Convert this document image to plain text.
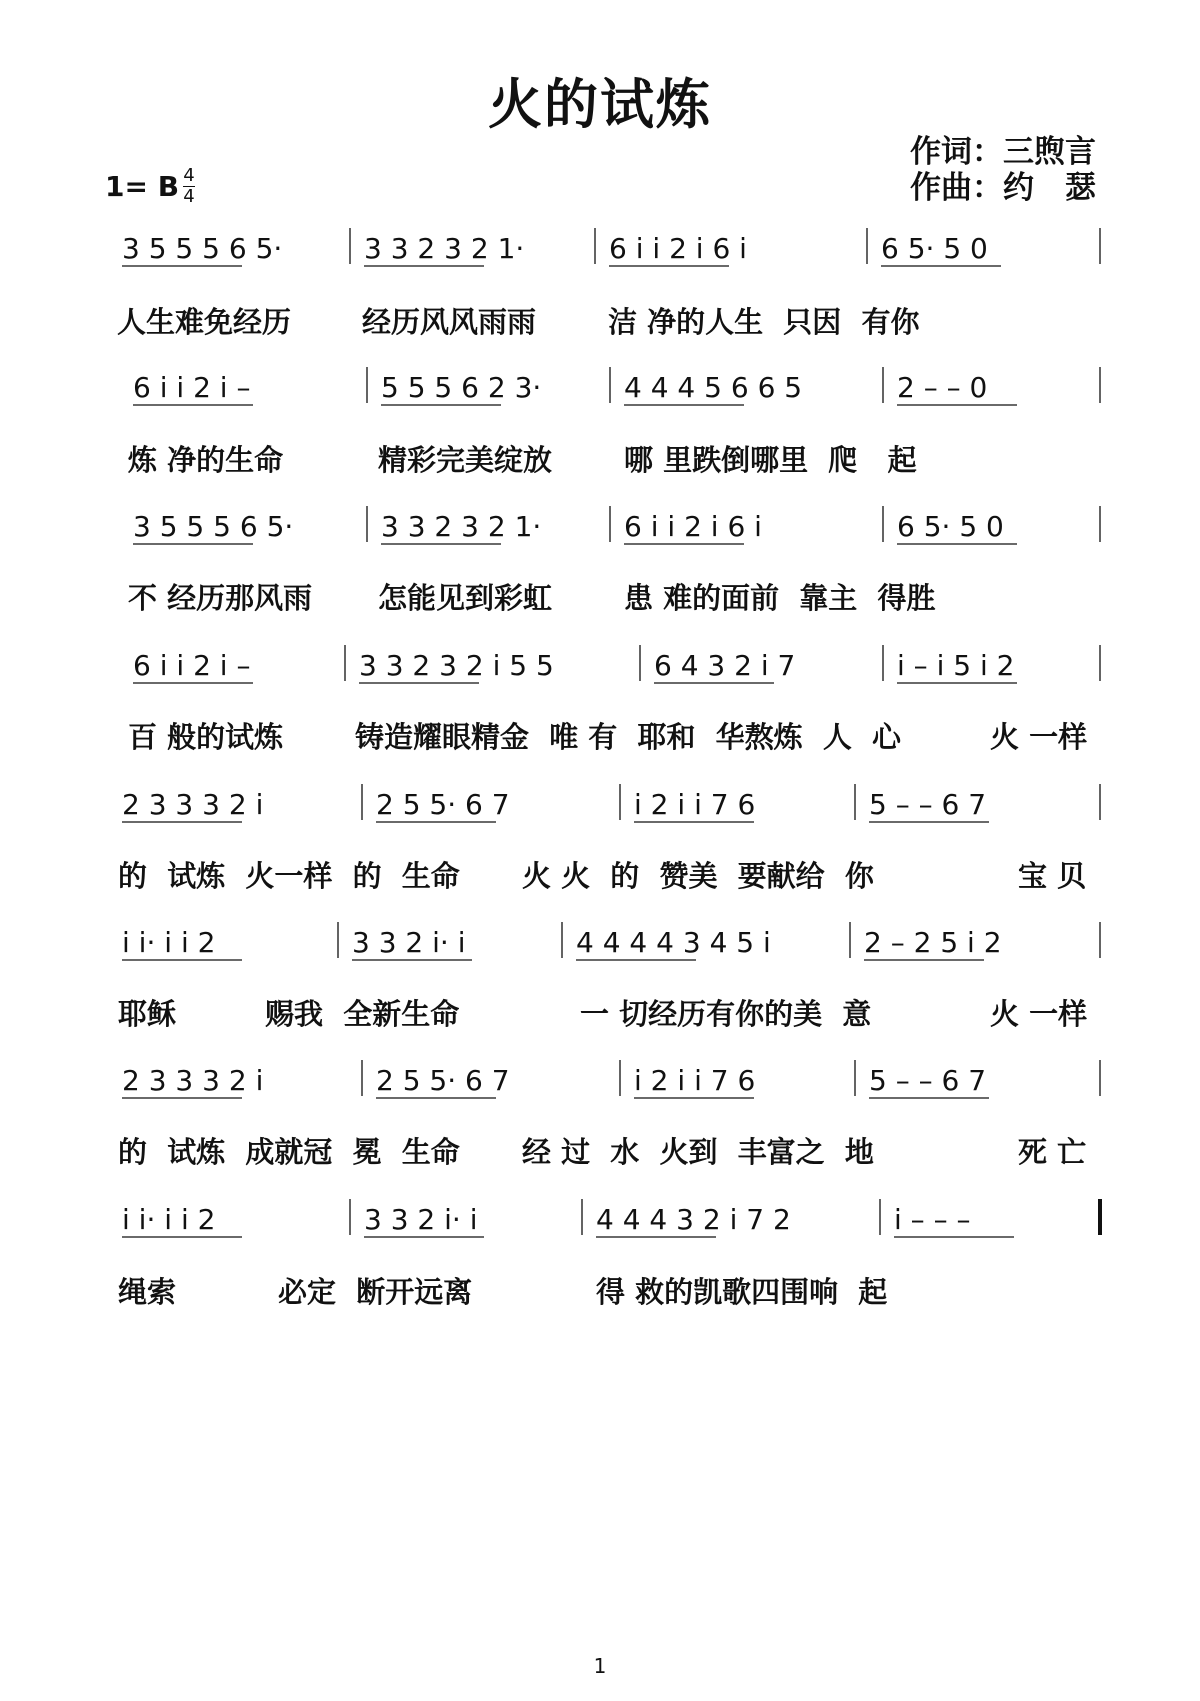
火的试炼
作词：三煦言
作曲：约　瑟
1= B 4
4
3 5 5 5 6 5·	3 3 2 3 2 1·	6 i i 2 i 6 i	6 5· 5 0
6 i i 2 i –	5 5 5 6 2 3·	4 4 4 5 6 6 5	2 – – 0
3 5 5 5 6 5·	3 3 2 3 2 1·	6 i i 2 i 6 i	6 5· 5 0
6 i i 2 i –	3 3 2 3 2 i 5 5	6 4 3 2 i 7	i – i 5 i 2
2 3 3 3 2 i	2 5 5· 6 7	i 2 i i 7 6	5 – – 6 7
i i· i i 2	3 3 2 i· i	4 4 4 4 3 4 5 i	2 – 2 5 i 2
2 3 3 3 2 i	2 5 5· 6 7	i 2 i i 7 6	5 – – 6 7
i i· i i 2	3 3 2 i· i	4 4 4 3 2 i 7 2	i – – –
人生难免经历 经历风风雨雨 洁 净的人生  只因  有你
炼 净的生命	精彩完美绽放 哪 里跌倒哪里  爬   起
不 经历那风雨 怎能见到彩虹 患 难的面前  靠主  得胜
百 般的试炼 铸造耀眼精金  唯 有  耶和  华熬炼  人  心	火 一样
的  试炼  火一样  的  生命 火 火  的  赞美  要献给  你	宝 贝
耶稣	赐我  全新生命	一 切经历有你的美  意	火 一样
的  试炼  成就冠  冕  生命 经 过  水  火到  丰富之  地	死 亡
绳索	必定  断开远离	得 救的凯歌四围响  起
1
